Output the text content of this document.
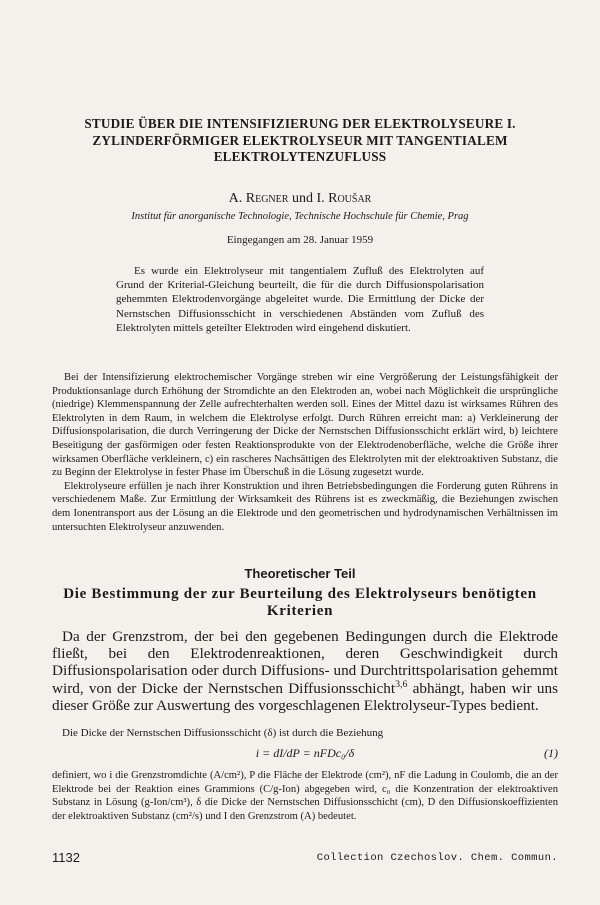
STUDIE ÜBER DIE INTENSIFIZIERUNG DER ELEKTROLYSEURE I. ZYLINDERFÖRMIGER ELEKTROLYSEUR MIT TANGENTIALEM ELEKTROLYTENZUFLUSS

A. Regner und I. Roušar

Institut für anorganische Technologie, Technische Hochschule für Chemie, Prag

Eingegangen am 28. Januar 1959

Es wurde ein Elektrolyseur mit tangentialem Zufluß des Elektrolyten auf Grund der Kriterial-Gleichung beurteilt, die für die durch Diffusionspolarisation gehemmten Elektrodenvorgänge abgeleitet wurde. Die Ermittlung der Dicke der Nernstschen Diffusionsschicht in verschiedenen Abständen vom Zufluß des Elektrolyten mittels geteilter Elektroden wird eingehend diskutiert.

Bei der Intensifizierung elektrochemischer Vorgänge streben wir eine Vergrößerung der Leistungsfähigkeit der Produktionsanlage durch Erhöhung der Stromdichte an den Elektroden an, wobei nach Möglichkeit die ursprüngliche (niedrige) Klemmenspannung der Zelle aufrechterhalten werden soll. Eines der Mittel dazu ist wirksames Rühren des Elektrolyten in dem Raum, in welchem die Elektrolyse erfolgt. Durch Rühren erreicht man: a) Verkleinerung der Diffusionspolarisation, die durch Verringerung der Dicke der Nernstschen Diffusionsschicht erklärt wird, b) leichtere Beseitigung der gasförmigen oder festen Reaktionsprodukte von der Elektrodenoberfläche, welche die Größe ihrer wirksamen Oberfläche verkleinern, c) ein rascheres Nachsättigen des Elektrolyten mit der elektroaktiven Substanz, die zu Beginn der Elektrolyse in fester Phase im Überschuß in die Lösung zugesetzt wurde.

Elektrolyseure erfüllen je nach ihrer Konstruktion und ihren Betriebsbedingungen die Forderung guten Rührens in verschiedenem Maße. Zur Ermittlung der Wirksamkeit des Rührens ist es zweckmäßig, die Beziehungen zwischen dem Ionentransport aus der Lösung an die Elektrode und den geometrischen und hydrodynamischen Verhältnissen im untersuchten Elektrolyseur anzuwenden.

Theoretischer Teil
Die Bestimmung der zur Beurteilung des Elektrolyseurs benötigten Kriterien

Da der Grenzstrom, der bei den gegebenen Bedingungen durch die Elektrode fließt, bei den Elektrodenreaktionen, deren Geschwindigkeit durch Diffusionspolarisation oder durch Diffusions- und Durchtrittspolarisation gehemmt wird, von der Dicke der Nernstschen Diffusionsschicht$^{3,6}$ abhängt, haben wir uns dieser Größe zur Auswertung des vorgeschlagenen Elektrolyseur-Types bedient.

Die Dicke der Nernstschen Diffusionsschicht (δ) ist durch die Beziehung

i = dI/dP = nFDc₀/δ	(1)

definiert, wo i die Grenzstromdichte (A/cm²), P die Fläche der Elektrode (cm²), nF die Ladung in Coulomb, die an der Elektrode bei der Reaktion eines Grammions (C/g-Ion) abgegeben wird, c₀ die Konzentration der elektroaktiven Substanz in Lösung (g-Ion/cm³), δ die Dicke der Nernstschen Diffusionsschicht (cm), D den Diffusionskoeffizienten der elektroaktiven Substanz (cm²/s) und I den Grenzstrom (A) bedeutet.

1132	Collection Czechoslov. Chem. Commun.
